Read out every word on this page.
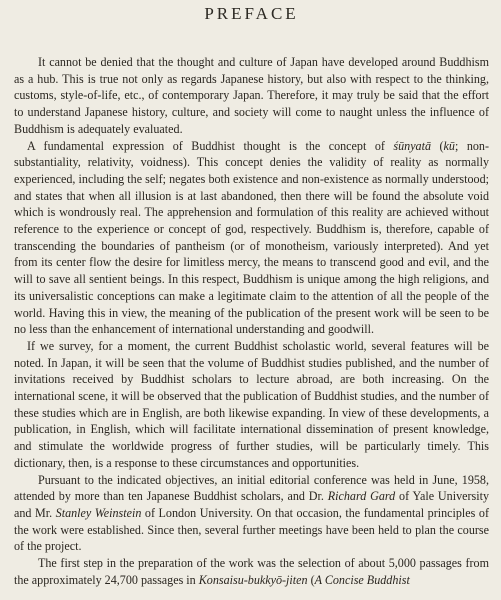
PREFACE

It cannot be denied that the thought and culture of Japan have developed around Buddhism as a hub. This is true not only as regards Japanese history, but also with respect to the thinking, customs, style-of-life, etc., of contemporary Japan. Therefore, it may truly be said that the effort to understand Japanese history, culture, and society will come to naught unless the influence of Buddhism is adequately evaluated.

A fundamental expression of Buddhist thought is the concept of śūnyatā (kū; non-substantiality, relativity, voidness). This concept denies the validity of reality as normally experienced, including the self; negates both existence and non-existence as normally understood; and states that when all illusion is at last abandoned, then there will be found the absolute void which is wondrously real. The apprehension and formulation of this reality are achieved without reference to the experience or concept of god, respectively. Buddhism is, therefore, capable of transcending the boundaries of pantheism (or of monotheism, variously interpreted). And yet from its center flow the desire for limitless mercy, the means to transcend good and evil, and the will to save all sentient beings. In this respect, Buddhism is unique among the high religions, and its universalistic conceptions can make a legitimate claim to the attention of all the people of the world. Having this in view, the meaning of the publication of the present work will be seen to be no less than the enhancement of international understanding and goodwill.

If we survey, for a moment, the current Buddhist scholastic world, several features will be noted. In Japan, it will be seen that the volume of Buddhist studies published, and the number of invitations received by Buddhist scholars to lecture abroad, are both increasing. On the international scene, it will be observed that the publication of Buddhist studies, and the number of these studies which are in English, are both likewise expanding. In view of these developments, a publication, in English, which will facilitate international dissemination of present knowledge, and stimulate the worldwide progress of further studies, will be particularly timely. This dictionary, then, is a response to these circumstances and opportunities.

Pursuant to the indicated objectives, an initial editorial conference was held in June, 1958, attended by more than ten Japanese Buddhist scholars, and Dr. Richard Gard of Yale University and Mr. Stanley Weinstein of London University. On that occasion, the fundamental principles of the work were established. Since then, several further meetings have been held to plan the course of the project.

The first step in the preparation of the work was the selection of about 5,000 passages from the approximately 24,700 passages in Konsaisu-bukkyō-jiten (A Concise Buddhist
